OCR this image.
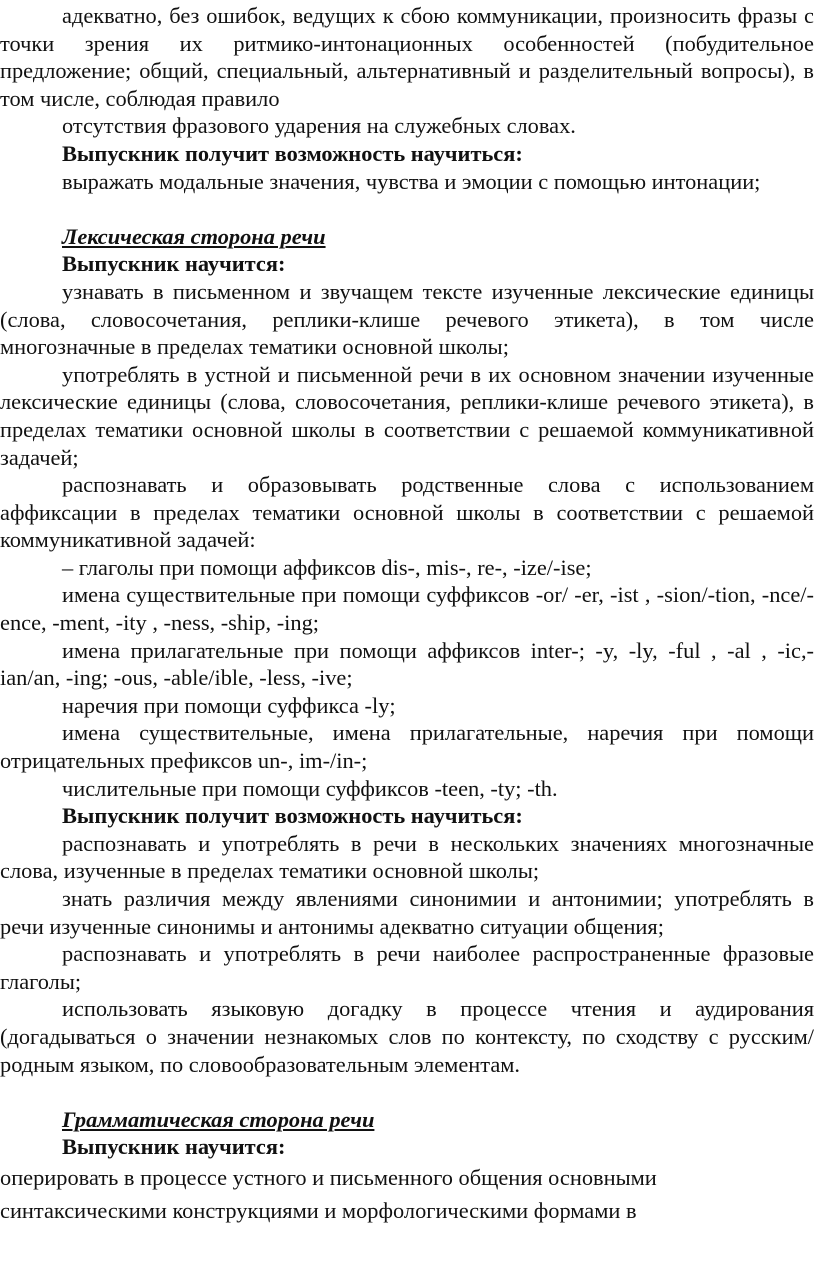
адекватно, без ошибок, ведущих к сбою коммуникации, произносить фразы с точки зрения их ритмико-интонационных особенностей (побудительное предложение; общий, специальный, альтернативный и разделительный вопросы), в том числе, соблюдая правило

отсутствия фразового ударения на служебных словах.

Выпускник получит возможность научиться:

выражать модальные значения, чувства и эмоции с помощью интонации;

Лексическая сторона речи

Выпускник научится:

узнавать в письменном и звучащем тексте изученные лексические единицы (слова, словосочетания, реплики-клише речевого этикета), в том числе многозначные в пределах тематики основной школы;

употреблять в устной и письменной речи в их основном значении изученные лексические единицы (слова, словосочетания, реплики-клише речевого этикета), в пределах тематики основной школы в соответствии с решаемой коммуникативной задачей;

распознавать и образовывать родственные слова с использованием аффиксации в пределах тематики основной школы в соответствии с решаемой коммуникативной задачей:

– глаголы при помощи аффиксов dis-, mis-, re-, -ize/-ise;

имена существительные при помощи суффиксов -or/ -er, -ist , -sion/-tion, -nce/-ence, -ment, -ity , -ness, -ship, -ing;

имена прилагательные при помощи аффиксов inter-; -y, -ly, -ful , -al , -ic,-ian/an, -ing; -ous, -able/ible, -less, -ive;

наречия при помощи суффикса -ly;

имена существительные, имена прилагательные, наречия при помощи отрицательных префиксов un-, im-/in-;

числительные при помощи суффиксов -teen, -ty; -th.

Выпускник получит возможность научиться:

распознавать и употреблять в речи в нескольких значениях многозначные слова, изученные в пределах тематики основной школы;

знать различия между явлениями синонимии и антонимии; употреблять в речи изученные синонимы и антонимы адекватно ситуации общения;

распознавать и употреблять в речи наиболее распространенные фразовые глаголы;

использовать языковую догадку в процессе чтения и аудирования (догадываться о значении незнакомых слов по контексту, по сходству с русским/ родным языком, по словообразовательным элементам.

Грамматическая сторона речи

Выпускник научится:

оперировать в процессе устного и письменного общения основными синтаксическими конструкциями и морфологическими формами в
